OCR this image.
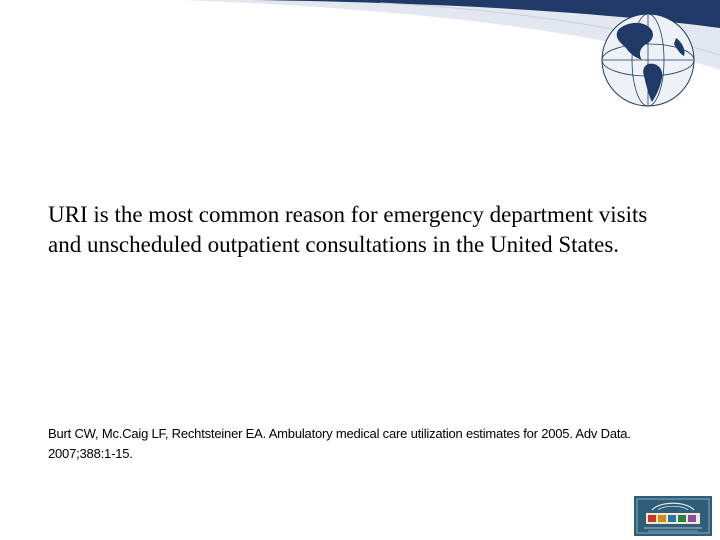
URI is the most common reason for emergency department visits and unscheduled outpatient consultations in the United States.

Burt CW, Mc.Caig LF, Rechtsteiner EA. Ambulatory medical care utilization estimates for 2005. Adv Data. 2007;388:1-15.
